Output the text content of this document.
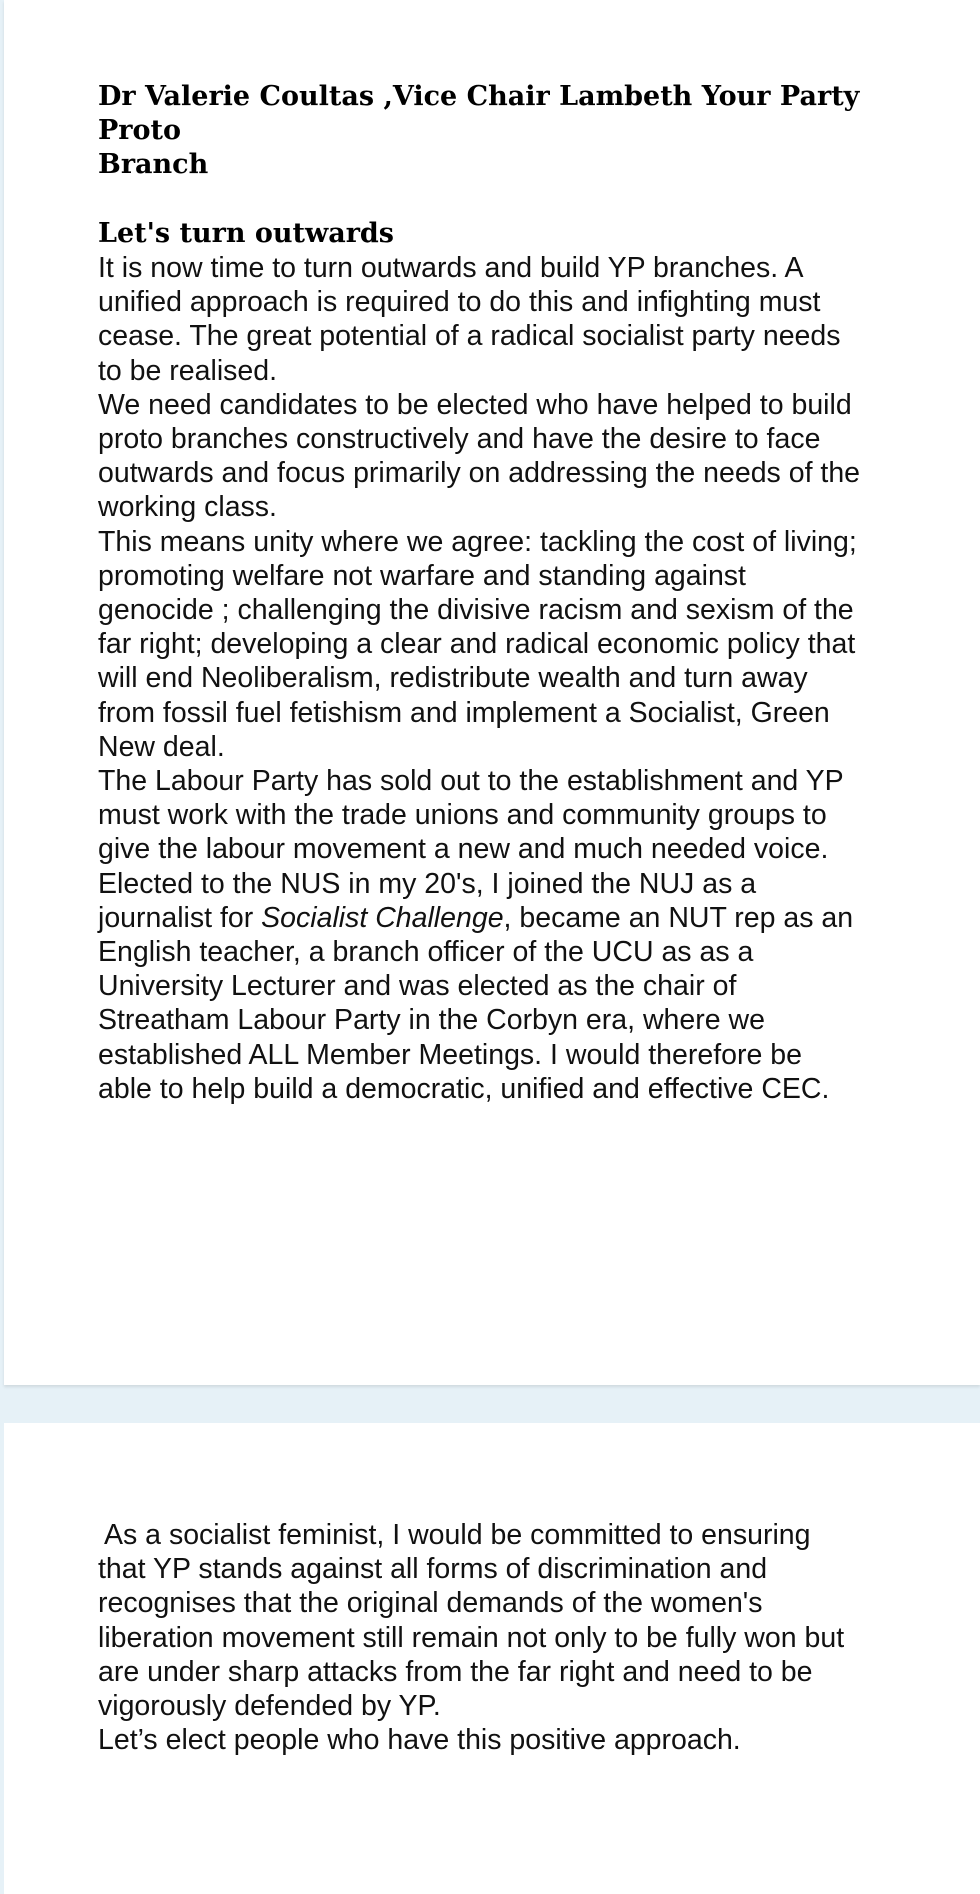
Dr Valerie Coultas ,Vice Chair Lambeth Your Party Proto
Branch

Let's turn outwards

It is now time to turn outwards and build YP branches. A
unified approach is required to do this and infighting must
cease. The great potential of a radical socialist party needs
to be realised.

We need candidates to be elected who have helped to build
proto branches constructively and have the desire to face
outwards and focus primarily on addressing the needs of the
working class.

This means unity where we agree: tackling the cost of living;
promoting welfare not warfare and standing against
genocide ; challenging the divisive racism and sexism of the
far right; developing a clear and radical economic policy that
will end Neoliberalism, redistribute wealth and turn away
from fossil fuel fetishism and implement a Socialist, Green
New deal.

The Labour Party has sold out to the establishment and YP
must work with the trade unions and community groups to
give the labour movement a new and much needed voice.

Elected to the NUS in my 20's, I joined the NUJ as a
journalist for Socialist Challenge, became an NUT rep as an
English teacher, a branch officer of the UCU as as a
University Lecturer and was elected as the chair of
Streatham Labour Party in the Corbyn era, where we
established ALL Member Meetings. I would therefore be
able to help build a democratic, unified and effective CEC.

As a socialist feminist, I would be committed to ensuring
that YP stands against all forms of discrimination and
recognises that the original demands of the women's
liberation movement still remain not only to be fully won but
are under sharp attacks from the far right and need to be
vigorously defended by YP.

Let’s elect people who have this positive approach.
